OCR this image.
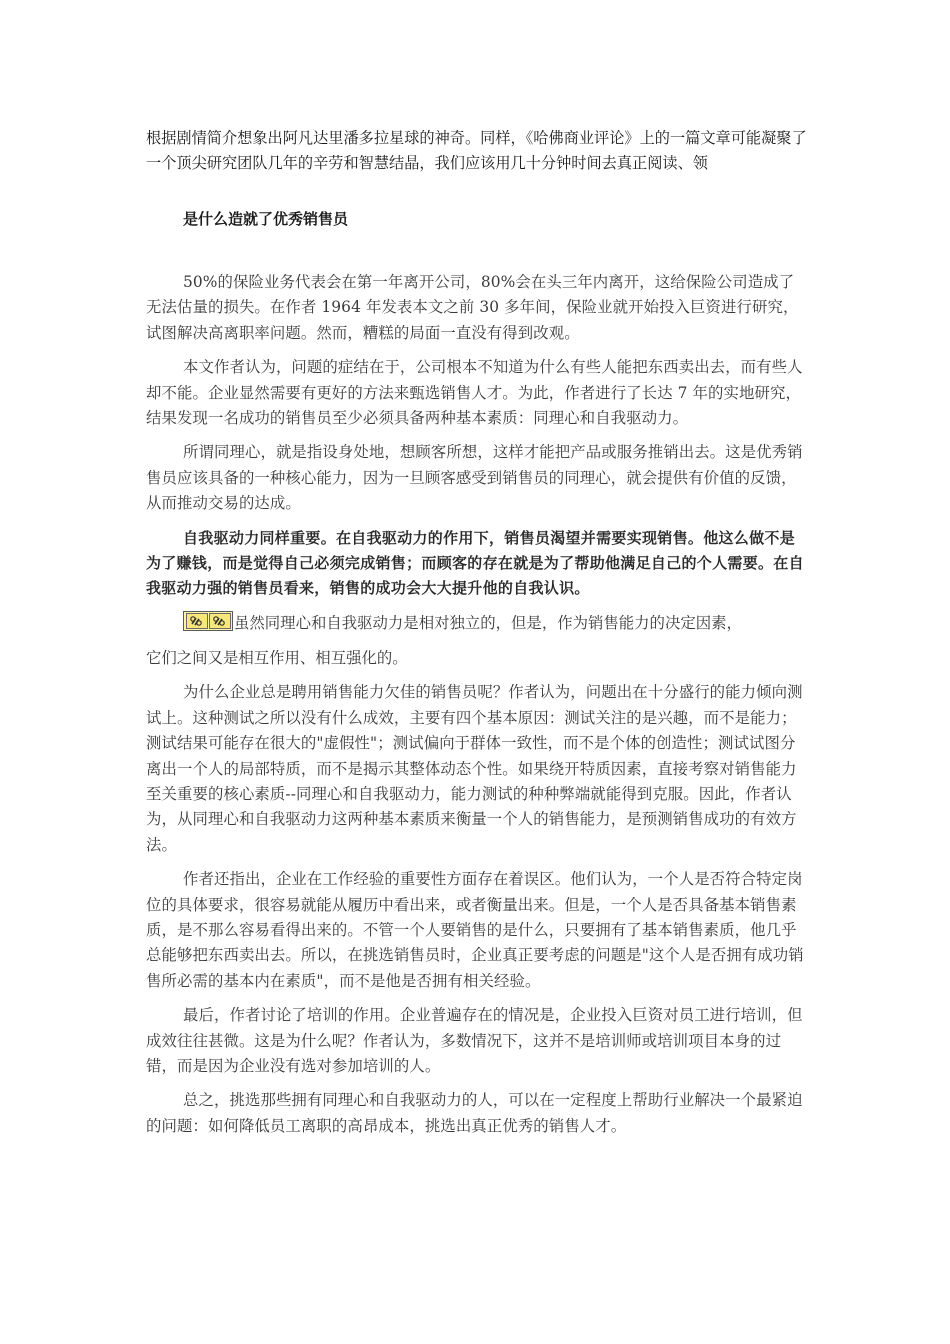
根据剧情简介想象出阿凡达里潘多拉星球的神奇。同样，《哈佛商业评论》上的一篇文章可能凝聚了一个顶尖研究团队几年的辛劳和智慧结晶，我们应该用几十分钟时间去真正阅读、领

是什么造就了优秀销售员

50%的保险业务代表会在第一年离开公司，80%会在头三年内离开，这给保险公司造成了无法估量的损失。在作者 1964 年发表本文之前 30 多年间，保险业就开始投入巨资进行研究，试图解决高离职率问题。然而，糟糕的局面一直没有得到改观。

本文作者认为，问题的症结在于，公司根本不知道为什么有些人能把东西卖出去，而有些人却不能。企业显然需要有更好的方法来甄选销售人才。为此，作者进行了长达 7 年的实地研究，结果发现一名成功的销售员至少必须具备两种基本素质：同理心和自我驱动力。

所谓同理心，就是指设身处地，想顾客所想，这样才能把产品或服务推销出去。这是优秀销售员应该具备的一种核心能力，因为一旦顾客感受到销售员的同理心，就会提供有价值的反馈，从而推动交易的达成。

自我驱动力同样重要。在自我驱动力的作用下，销售员渴望并需要实现销售。他这么做不是为了赚钱，而是觉得自己必须完成销售；而顾客的存在就是为了帮助他满足自己的个人需要。在自我驱动力强的销售员看来，销售的成功会大大提升他的自我认识。

虽然同理心和自我驱动力是相对独立的，但是，作为销售能力的决定因素，

它们之间又是相互作用、相互强化的。

为什么企业总是聘用销售能力欠佳的销售员呢？作者认为，问题出在十分盛行的能力倾向测试上。这种测试之所以没有什么成效，主要有四个基本原因：测试关注的是兴趣，而不是能力；测试结果可能存在很大的"虚假性"；测试偏向于群体一致性，而不是个体的创造性；测试试图分离出一个人的局部特质，而不是揭示其整体动态个性。如果绕开特质因素，直接考察对销售能力至关重要的核心素质--同理心和自我驱动力，能力测试的种种弊端就能得到克服。因此，作者认为，从同理心和自我驱动力这两种基本素质来衡量一个人的销售能力，是预测销售成功的有效方法。

作者还指出，企业在工作经验的重要性方面存在着误区。他们认为，一个人是否符合特定岗位的具体要求，很容易就能从履历中看出来，或者衡量出来。但是，一个人是否具备基本销售素质，是不那么容易看得出来的。不管一个人要销售的是什么，只要拥有了基本销售素质，他几乎总能够把东西卖出去。所以，在挑选销售员时，企业真正要考虑的问题是"这个人是否拥有成功销售所必需的基本内在素质"，而不是他是否拥有相关经验。

最后，作者讨论了培训的作用。企业普遍存在的情况是，企业投入巨资对员工进行培训，但成效往往甚微。这是为什么呢？作者认为，多数情况下，这并不是培训师或培训项目本身的过错，而是因为企业没有选对参加培训的人。

总之，挑选那些拥有同理心和自我驱动力的人，可以在一定程度上帮助行业解决一个最紧迫的问题：如何降低员工离职的高昂成本，挑选出真正优秀的销售人才。
